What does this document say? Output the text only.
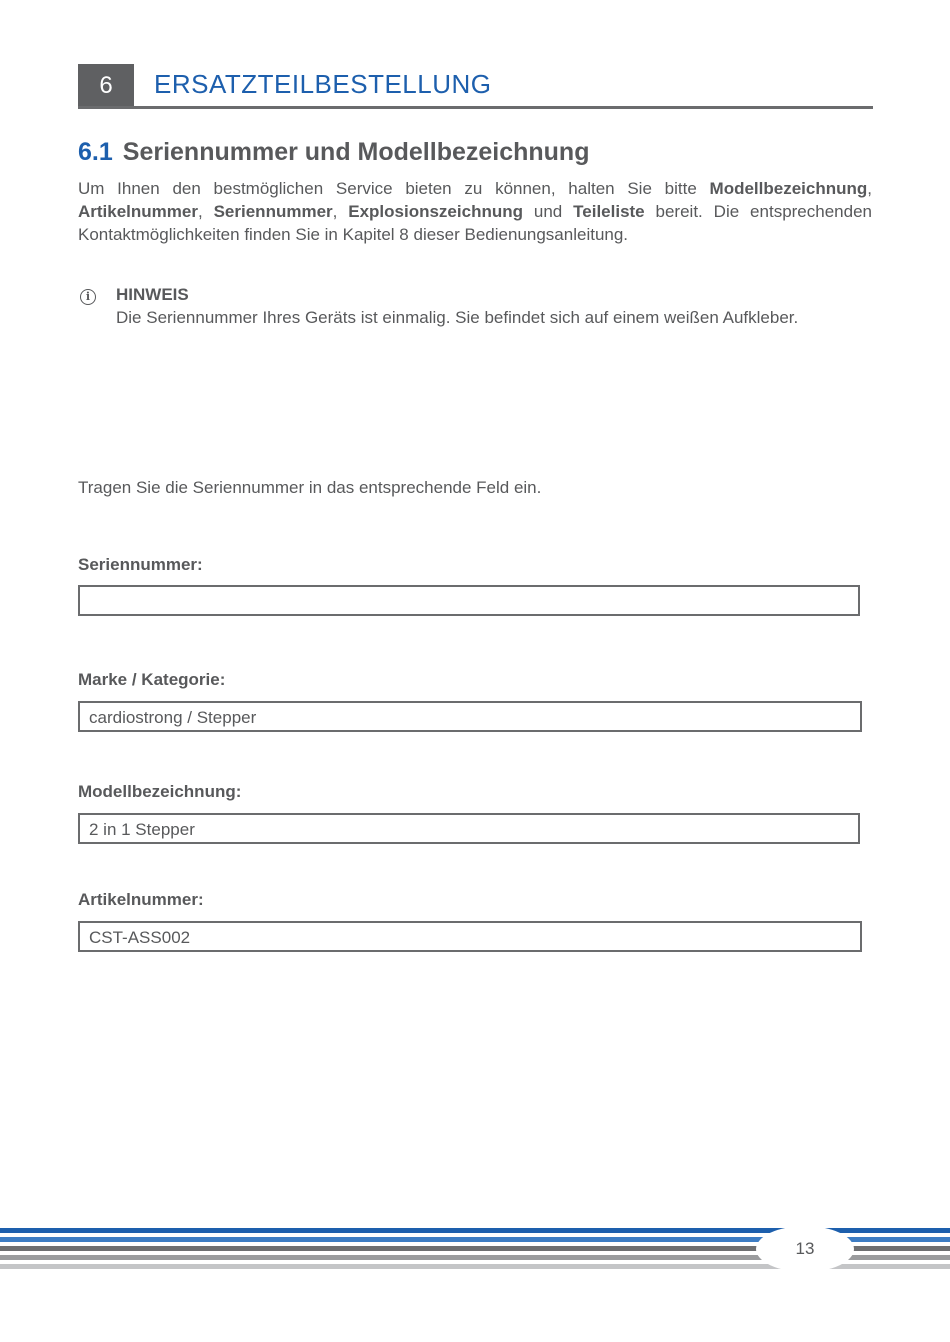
6	ERSATZTEILBESTELLUNG
6.1 Seriennummer und Modellbezeichnung
Um Ihnen den bestmöglichen Service bieten zu können, halten Sie bitte Modellbezeichnung, Artikelnummer, Seriennummer, Explosionszeichnung und Teileliste bereit. Die entsprechenden Kontaktmöglichkeiten finden Sie in Kapitel 8 dieser Bedienungsanleitung.
i	HINWEIS
Die Seriennummer Ihres Geräts ist einmalig. Sie befindet sich auf einem weißen Aufkleber.
Tragen Sie die Seriennummer in das entsprechende Feld ein.
Seriennummer:
Marke / Kategorie:
cardiostrong / Stepper
Modellbezeichnung:
2 in 1 Stepper
Artikelnummer:
CST-ASS002
13
